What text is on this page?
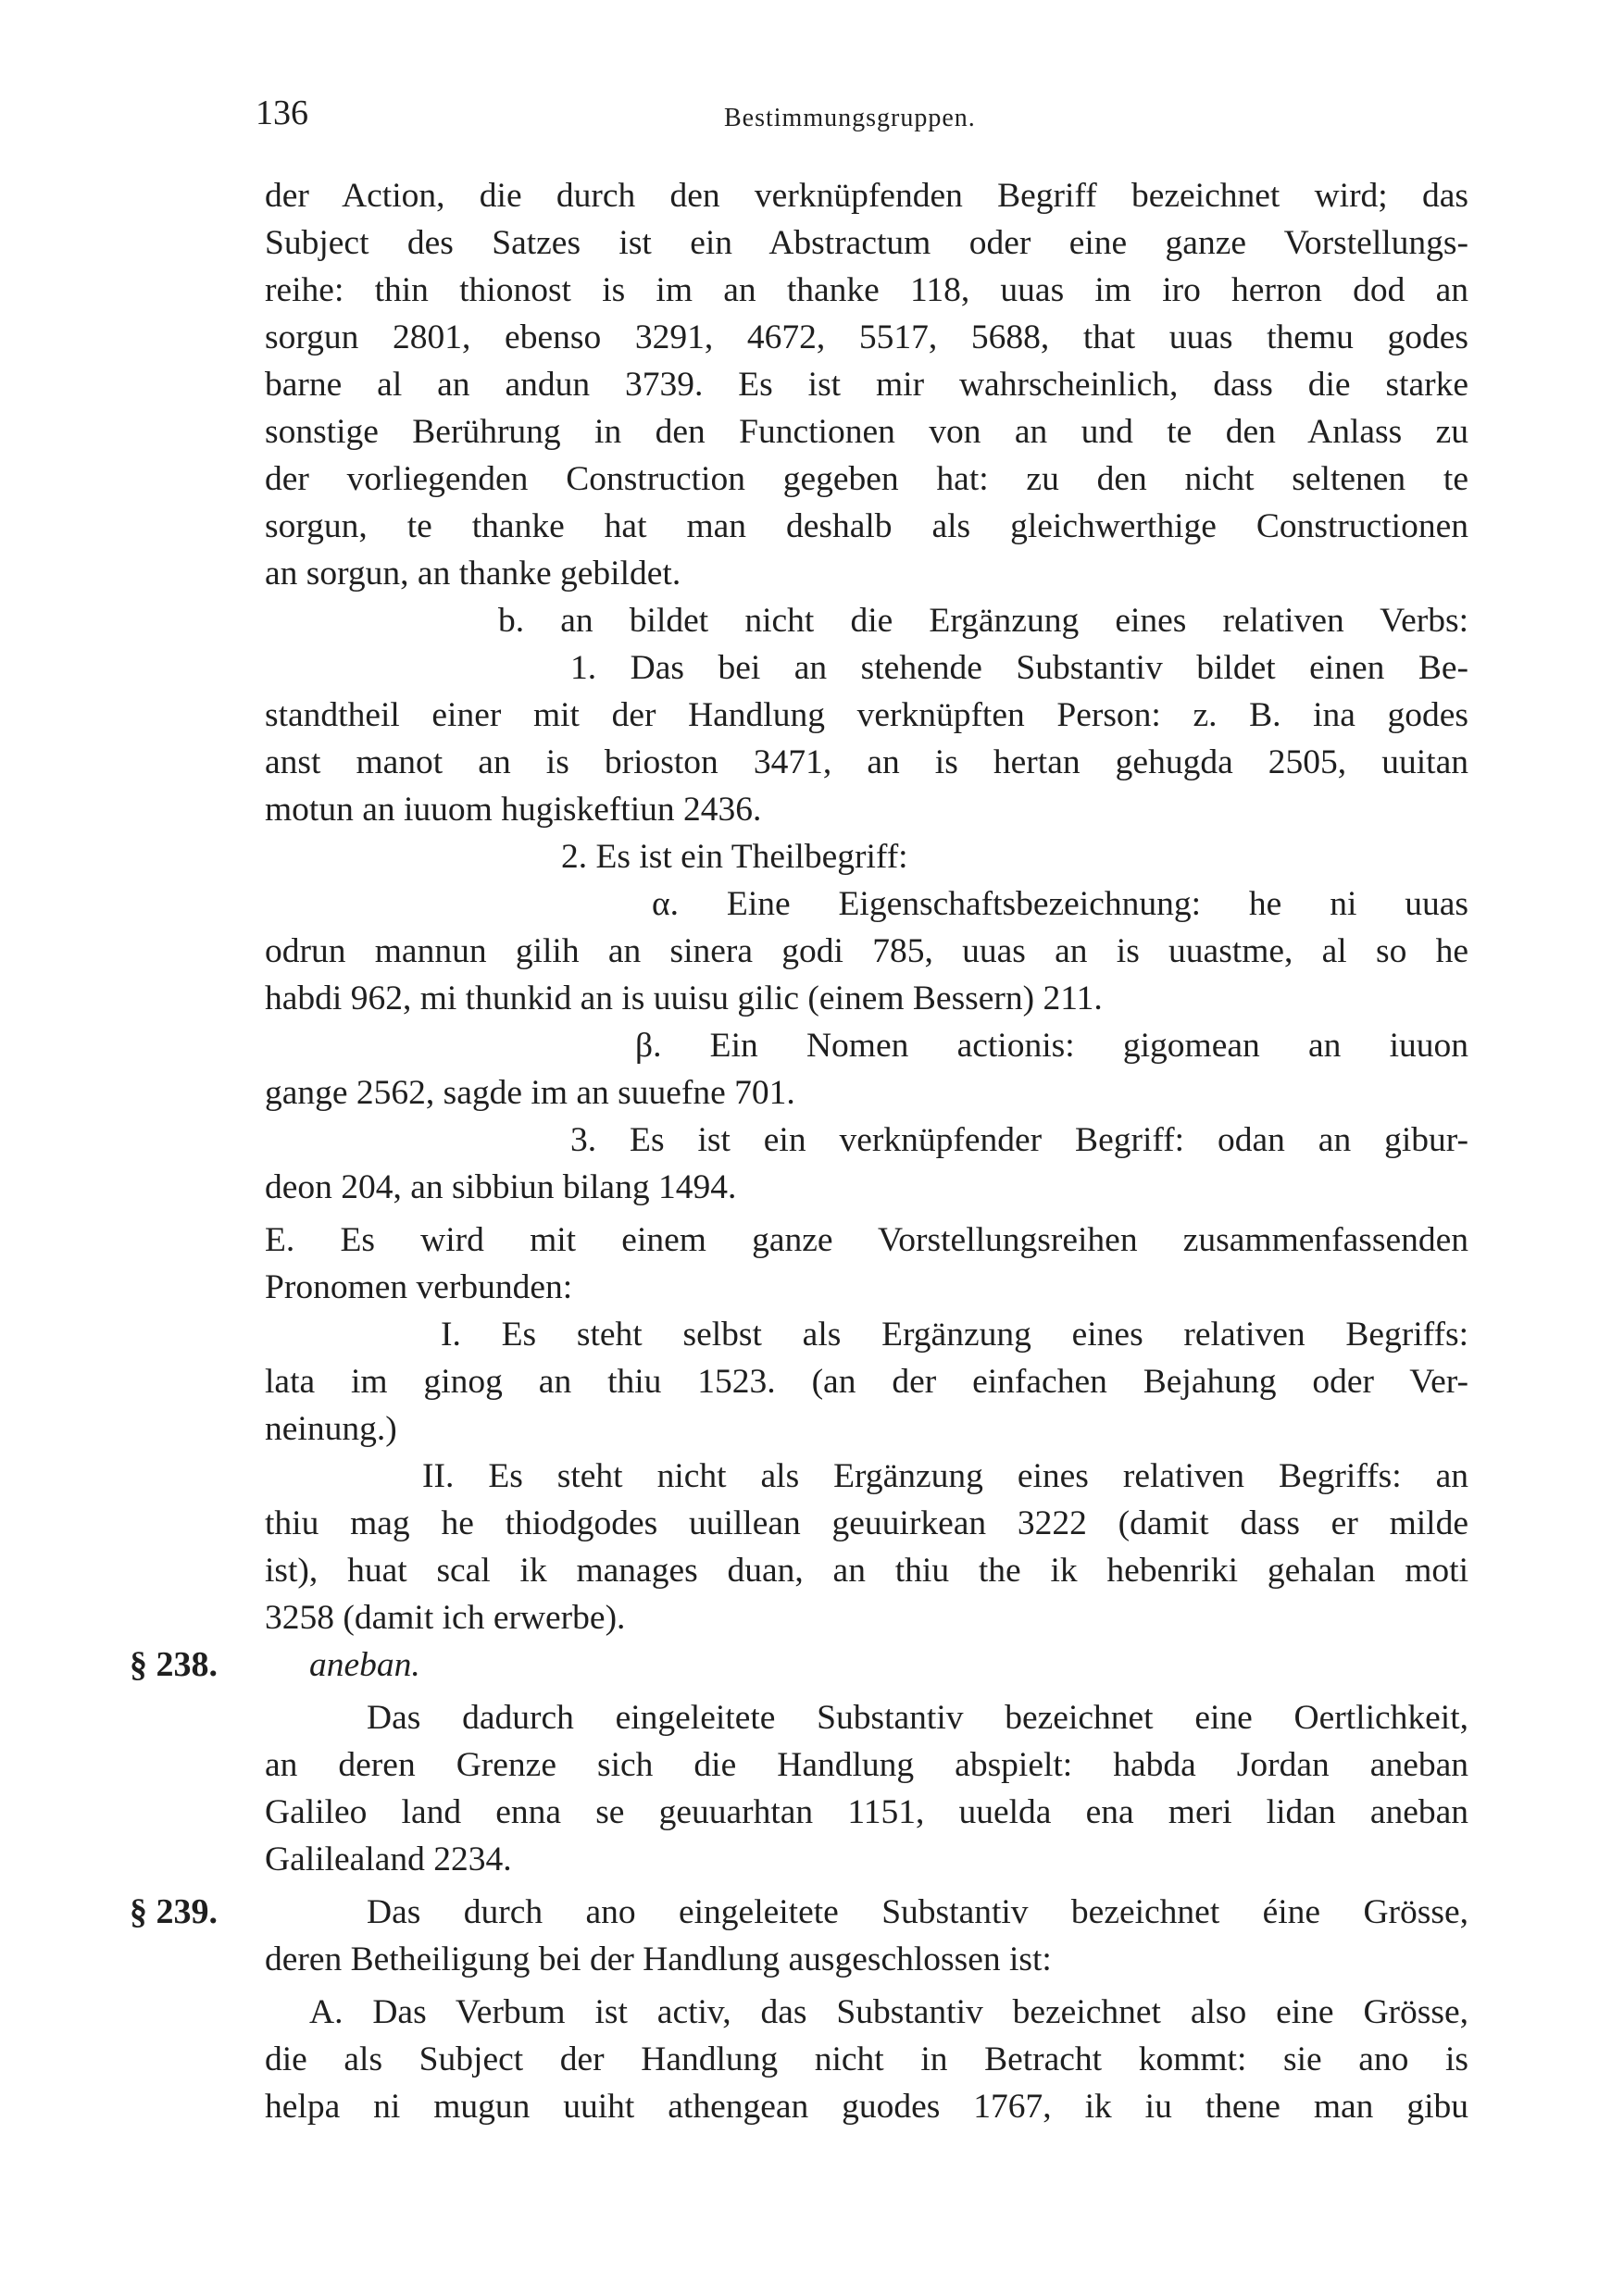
136	Bestimmungsgruppen.
der Action, die durch den verknüpfenden Begriff bezeichnet wird; das
Subject des Satzes ist ein Abstractum oder eine ganze Vorstellungs-
reihe: thin thionost is im an thanke 118, uuas im iro herron dod an
sorgun 2801, ebenso 3291, 4672, 5517, 5688, that uuas themu godes
barne al an andun 3739. Es ist mir wahrscheinlich, dass die starke
sonstige Berührung in den Functionen von an und te den Anlass zu
der vorliegenden Construction gegeben hat: zu den nicht seltenen te
sorgun, te thanke hat man deshalb als gleichwerthige Constructionen
an sorgun, an thanke gebildet.
b. an bildet nicht die Ergänzung eines relativen Verbs:
1. Das bei an stehende Substantiv bildet einen Be-
standtheil einer mit der Handlung verknüpften Person: z. B. ina godes
anst manot an is brioston 3471, an is hertan gehugda 2505, uuitan
motun an iuuom hugiskeftiun 2436.
2. Es ist ein Theilbegriff:
α. Eine Eigenschaftsbezeichnung: he ni uuas
odrun mannun gilih an sinera godi 785, uuas an is uuastme, al so he
habdi 962, mi thunkid an is uuisu gilic (einem Bessern) 211.
β. Ein Nomen actionis: gigomean an iuuon
gange 2562, sagde im an suuefne 701.
3. Es ist ein verknüpfender Begriff: odan an gibur-
deon 204, an sibbiun bilang 1494.
E. Es wird mit einem ganze Vorstellungsreihen zusammenfassenden
Pronomen verbunden:
I. Es steht selbst als Ergänzung eines relativen Begriffs:
lata im ginog an thiu 1523. (an der einfachen Bejahung oder Ver-
neinung.)
II. Es steht nicht als Ergänzung eines relativen Begriffs: an
thiu mag he thiodgodes uuillean geuuirkean 3222 (damit dass er milde
ist), huat scal ik manages duan, an thiu the ik hebenriki gehalan moti
3258 (damit ich erwerbe).
§ 238.	aneban.
Das dadurch eingeleitete Substantiv bezeichnet eine Oertlichkeit,
an deren Grenze sich die Handlung abspielt: habda Jordan aneban
Galileo land enna se geuuarhtan 1151, uuelda ena meri lidan aneban
Galilealand 2234.
§ 239.	Das durch ano eingeleitete Substantiv bezeichnet éine Grösse,
deren Betheiligung bei der Handlung ausgeschlossen ist:
A. Das Verbum ist activ, das Substantiv bezeichnet also eine Grösse,
die als Subject der Handlung nicht in Betracht kommt: sie ano is
helpa ni mugun uuiht athengean guodes 1767, ik iu thene man gibu
